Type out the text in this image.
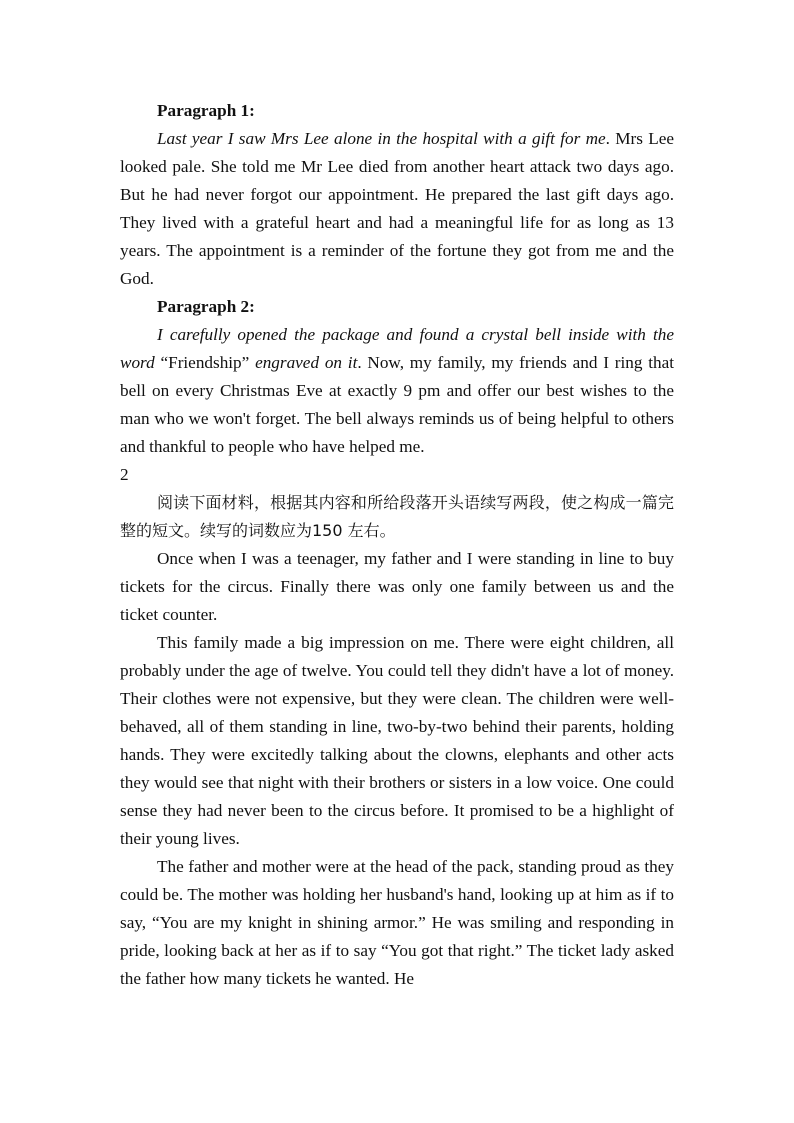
Paragraph 1:

Last year I saw Mrs Lee alone in the hospital with a gift for me. Mrs Lee looked pale. She told me Mr Lee died from another heart attack two days ago. But he had never forgot our appointment. He prepared the last gift days ago. They lived with a grateful heart and had a meaningful life for as long as 13 years. The appointment is a reminder of the fortune they got from me and the God.

Paragraph 2:

I carefully opened the package and found a crystal bell inside with the word “Friendship” engraved on it. Now, my family, my friends and I ring that bell on every Christmas Eve at exactly 9 pm and offer our best wishes to the man who we won't forget. The bell always reminds us of being helpful to others and thankful to people who have helped me.

2

阅读下面材料，根据其内容和所给段落开头语续写两段，使之构成一篇完整的短文。续写的词数应为150 左右。

Once when I was a teenager, my father and I were standing in line to buy tickets for the circus. Finally there was only one family between us and the ticket counter.

This family made a big impression on me. There were eight children, all probably under the age of twelve. You could tell they didn't have a lot of money. Their clothes were not expensive, but they were clean. The children were well-behaved, all of them standing in line, two-by-two behind their parents, holding hands. They were excitedly talking about the clowns, elephants and other acts they would see that night with their brothers or sisters in a low voice. One could sense they had never been to the circus before. It promised to be a highlight of their young lives.

The father and mother were at the head of the pack, standing proud as they could be. The mother was holding her husband's hand, looking up at him as if to say, “You are my knight in shining armor.” He was smiling and responding in pride, looking back at her as if to say “You got that right.” The ticket lady asked the father how many tickets he wanted. He
